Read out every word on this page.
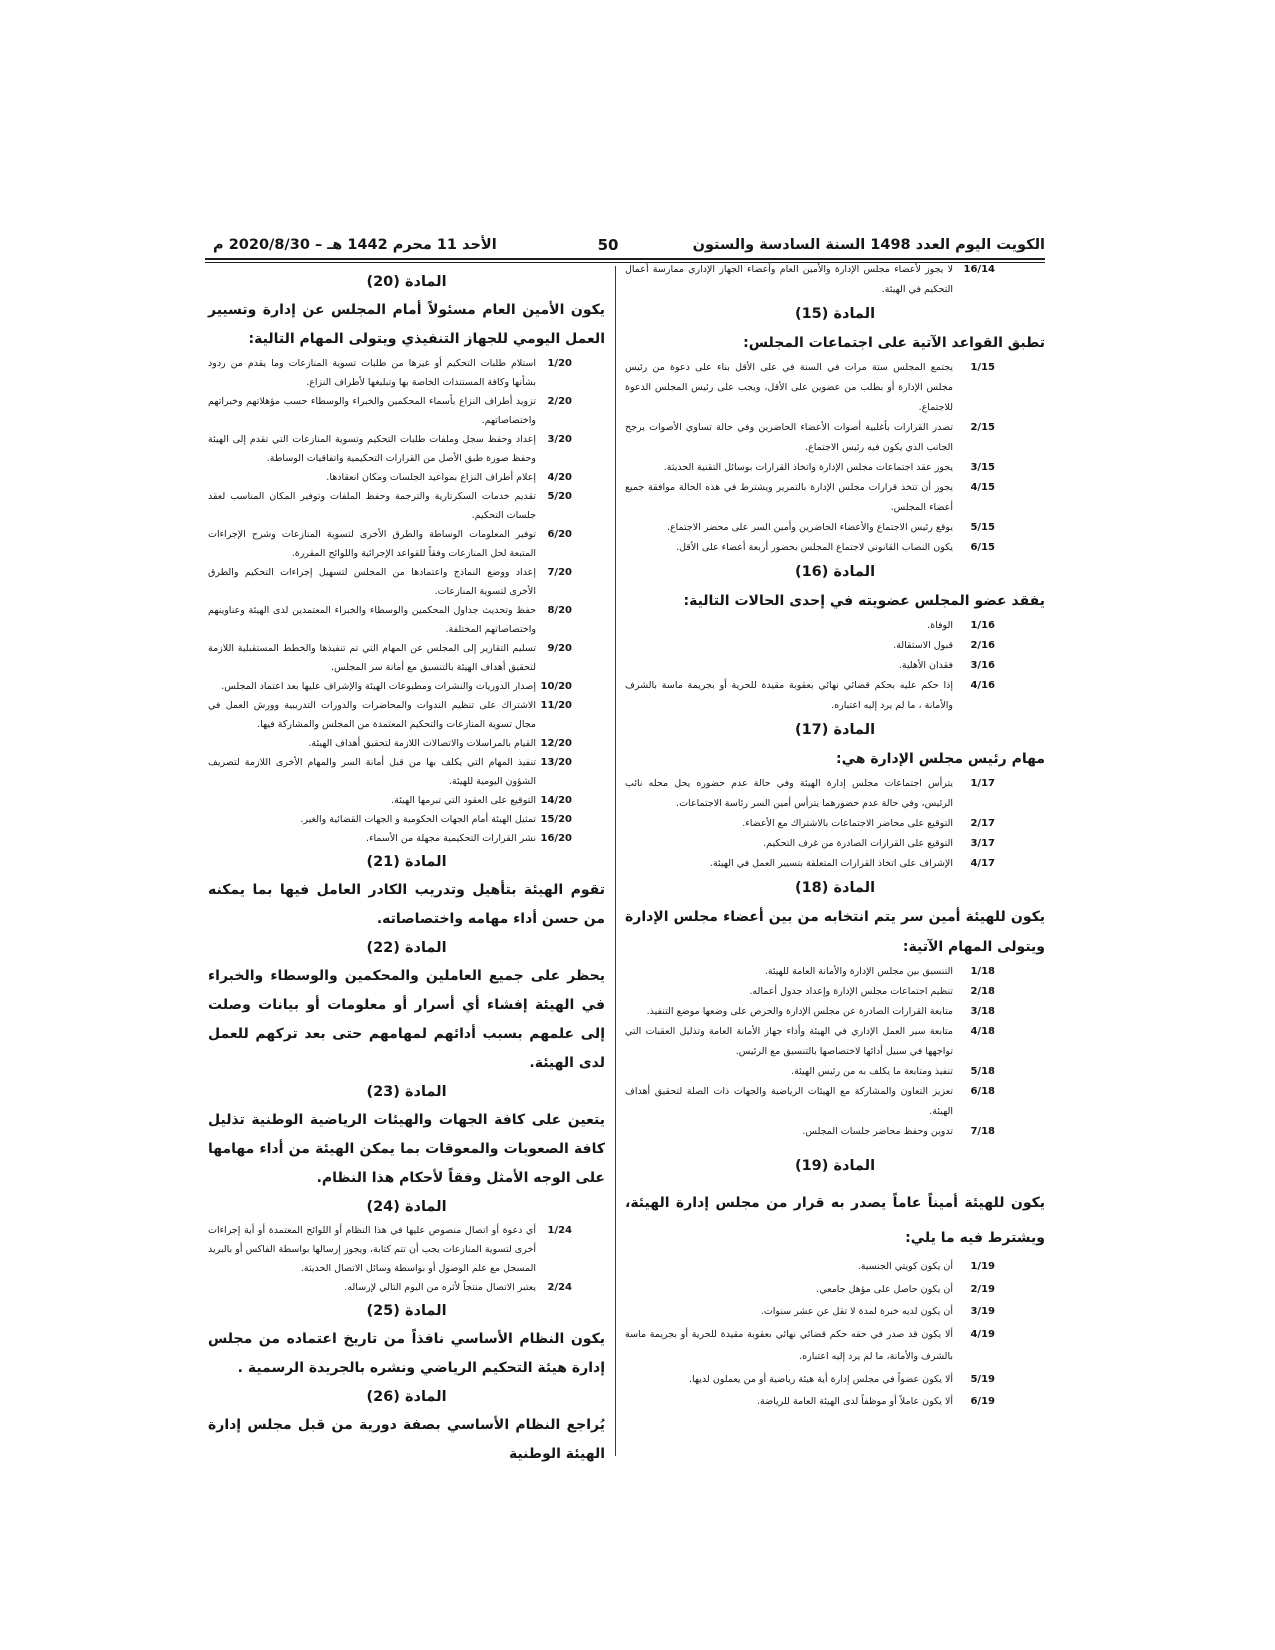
الكويت اليوم العدد 1498 السنة السادسة والستون
50
الأحد 11 محرم 1442 هـ – 2020/8/30 م
16/14
لا يجوز لأعضاء مجلس الإدارة والأمين العام وأعضاء الجهاز الإداري ممارسة أعمال التحكيم في الهيئة.
المادة (15)
تطبق القواعد الآتية على اجتماعات المجلس:
1/15
يجتمع المجلس ستة مرات في السنة في على الأقل بناء على دعوة من رئيس مجلس الإدارة أو بطلب من عضوين على الأقل، ويجب على رئيس المجلس الدعوة للاجتماع.
2/15
تصدر القرارات بأغلبية أصوات الأعضاء الحاضرين وفي حالة تساوي الأصوات يرجح الجانب الذي يكون فيه رئيس الاجتماع.
3/15
يجوز عقد اجتماعات مجلس الإدارة واتخاذ القرارات بوسائل التقنية الحديثة.
4/15
يجوز أن تتخذ قرارات مجلس الإدارة بالتمرير ويشترط في هذه الحالة موافقة جميع أعضاء المجلس.
5/15
يوقع رئيس الاجتماع والأعضاء الحاضرين وأمين السر على محضر الاجتماع.
6/15
يكون النصاب القانوني لاجتماع المجلس بحضور أربعة أعضاء على الأقل.
المادة (16)
يفقد عضو المجلس عضويته في إحدى الحالات التالية:
1/16
الوفاة.
2/16
قبول الاستقالة.
3/16
فقدان الأهلية.
4/16
إذا حكم عليه بحكم قضائي نهائي بعقوبة مقيدة للحرية أو بجريمة ماسة بالشرف والأمانة ، ما لم يرد إليه اعتباره.
المادة (17)
مهام رئيس مجلس الإدارة هي:
1/17
يترأس اجتماعات مجلس إدارة الهيئة وفي حالة عدم حضوره يحل محله نائب الرئيس، وفي حالة عدم حضورهما يترأس أمين السر رئاسة الاجتماعات.
2/17
التوقيع على محاضر الاجتماعات بالاشتراك مع الأعضاء.
3/17
التوقيع على القرارات الصادرة من غرف التحكيم.
4/17
الإشراف على اتخاذ القرارات المتعلقة بتسيير العمل في الهيئة.
المادة (18)
يكون للهيئة أمين سر يتم انتخابه من بين أعضاء مجلس الإدارة ويتولى المهام الآتية:
1/18
التنسيق بين مجلس الإدارة والأمانة العامة للهيئة.
2/18
تنظيم اجتماعات مجلس الإدارة وإعداد جدول أعماله.
3/18
متابعة القرارات الصادرة عن مجلس الإدارة والحرص على وضعها موضع التنفيذ.
4/18
متابعة سير العمل الإداري في الهيئة وأداء جهاز الأمانة العامة وتذليل العقبات التي تواجهها في سبيل أدائها لاختصاصها بالتنسيق مع الرئيس.
5/18
تنفيذ ومتابعة ما يكلف به من رئيس الهيئة.
6/18
تعزيز التعاون والمشاركة مع الهيئات الرياضية والجهات ذات الصلة لتحقيق أهداف الهيئة.
7/18
تدوين وحفظ محاضر جلسات المجلس.
المادة (19)
يكون للهيئة أميناً عاماً يصدر به قرار من مجلس إدارة الهيئة، ويشترط فيه ما يلي:
1/19
أن يكون كويتي الجنسية.
2/19
أن يكون حاصل على مؤهل جامعي.
3/19
أن يكون لديه خبرة لمدة لا تقل عن عشر سنوات.
4/19
ألا يكون قد صدر في حقه حكم قضائي نهائي بعقوبة مقيدة للحرية أو بجريمة ماسة بالشرف والأمانة، ما لم يرد إليه اعتباره.
5/19
ألا يكون عضواً في مجلس إدارة أية هيئة رياضية أو من يعملون لديها.
6/19
ألا يكون عاملاً أو موظفاً لدى الهيئة العامة للرياضة.
المادة (20)
يكون الأمين العام مسئولاً أمام المجلس عن إدارة وتسيير العمل اليومي للجهاز التنفيذي ويتولى المهام التالية:
1/20
استلام طلبات التحكيم أو غيرها من طلبات تسوية المنازعات وما يقدم من ردود بشأنها وكافة المستندات الخاصة بها وتبليغها لأطراف النزاع.
2/20
تزويد أطراف النزاع بأسماء المحكمين والخبراء والوسطاء حسب مؤهلاتهم وخبراتهم واختصاصاتهم.
3/20
إعداد وحفظ سجل وملفات طلبات التحكيم وتسوية المنازعات التي تقدم إلى الهيئة وحفظ صورة طبق الأصل من القرارات التحكيمية واتفاقيات الوساطة.
4/20
إعلام أطراف النزاع بمواعيد الجلسات ومكان انعقادها.
5/20
تقديم خدمات السكرتارية والترجمة وحفظ الملفات وتوفير المكان المناسب لعقد جلسات التحكيم.
6/20
توفير المعلومات الوساطة والطرق الأخرى لتسوية المنازعات وشرح الإجراءات المتبعة لحل المنازعات وفقاً للقواعد الإجرائية واللوائح المقررة.
7/20
إعداد ووضع النماذج واعتمادها من المجلس لتسهيل إجراءات التحكيم والطرق الأخرى لتسوية المنازعات.
8/20
حفظ وتحديث جداول المحكمين والوسطاء والخبراء المعتمدين لدى الهيئة وعناوينهم واختصاصاتهم المختلفة.
9/20
تسليم التقارير إلى المجلس عن المهام التي تم تنفيذها والخطط المستقبلية اللازمة لتحقيق أهداف الهيئة بالتنسيق مع أمانة سر المجلس.
10/20
إصدار الدوريات والنشرات ومطبوعات الهيئة والإشراف عليها بعد اعتماد المجلس.
11/20
الاشتراك على تنظيم الندوات والمحاضرات والدورات التدريبية وورش العمل في مجال تسوية المنازعات والتحكيم المعتمدة من المجلس والمشاركة فيها.
12/20
القيام بالمراسلات والاتصالات اللازمة لتحقيق أهداف الهيئة.
13/20
تنفيذ المهام التي يكلف بها من قبل أمانة السر والمهام الأخرى اللازمة لتصريف الشؤون اليومية للهيئة.
14/20
التوقيع على العقود التي تبرمها الهيئة.
15/20
تمثيل الهيئة أمام الجهات الحكومية و الجهات القضائية والغير.
16/20
نشر القرارات التحكيمية مجهلة من الأسماء.
المادة (21)
تقوم الهيئة بتأهيل وتدريب الكادر العامل فيها بما يمكنه من حسن أداء مهامه واختصاصاته.
المادة (22)
يحظر على جميع العاملين والمحكمين والوسطاء والخبراء في الهيئة إفشاء أي أسرار أو معلومات أو بيانات وصلت إلى علمهم بسبب أدائهم لمهامهم حتى بعد تركهم للعمل لدى الهيئة.
المادة (23)
يتعين على كافة الجهات والهيئات الرياضية الوطنية تذليل كافة الصعوبات والمعوقات بما يمكن الهيئة من أداء مهامها على الوجه الأمثل وفقاً لأحكام هذا النظام.
المادة (24)
1/24
أي دعوة أو اتصال منصوص عليها في هذا النظام أو اللوائح المعتمدة أو أية إجراءات أخرى لتسوية المنازعات يجب أن تتم كتابة، ويجوز إرسالها بواسطة الفاكس أو بالبريد المسجل مع علم الوصول أو بواسطة وسائل الاتصال الحديثة.
2/24
يعتبر الاتصال منتجاً لأثره من اليوم التالي لإرساله.
المادة (25)
يكون النظام الأساسي نافذاً من تاريخ اعتماده من مجلس إدارة هيئة التحكيم الرياضي ونشره بالجريدة الرسمية .
المادة (26)
يُراجع النظام الأساسي بصفة دورية من قبل مجلس إدارة الهيئة الوطنية
